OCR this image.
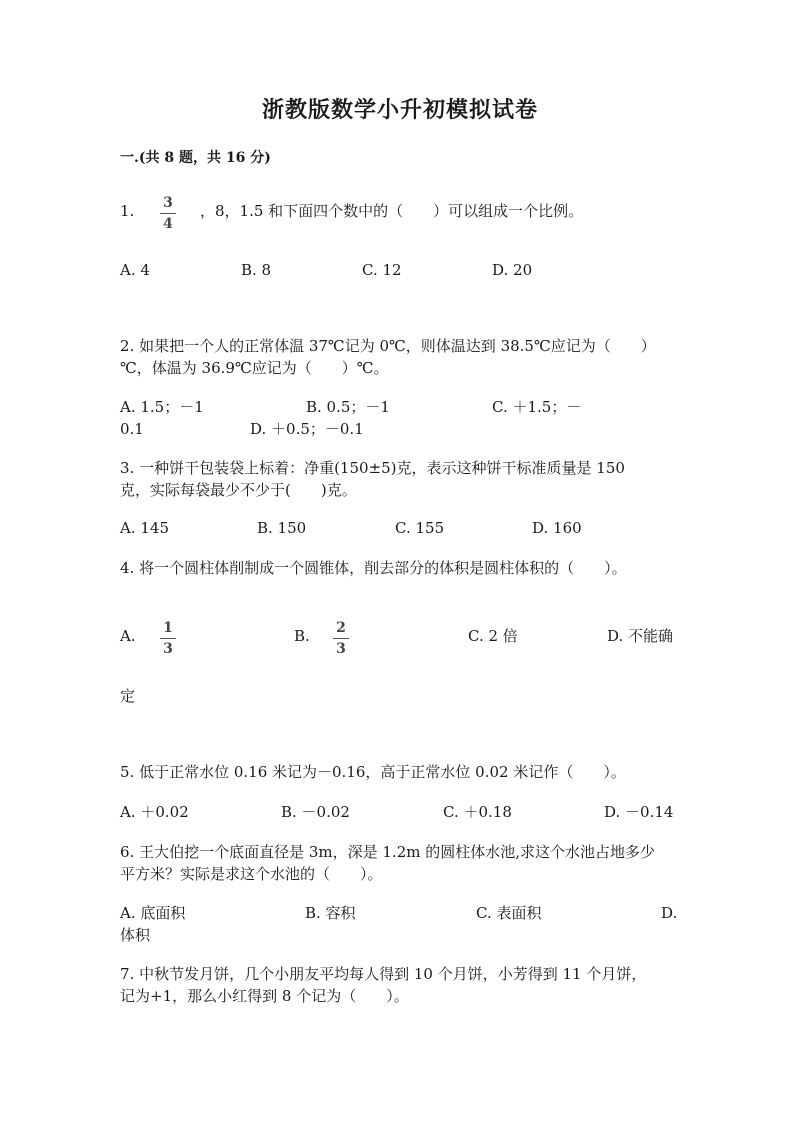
浙教版数学小升初模拟试卷
一.(共 8 题，共 16 分)
1.	3
4
，8，1.5 和下面四个数中的（　　）可以组成一个比例。
A. 4	B. 8	C. 12	D. 20
2. 如果把一个人的正常体温 37℃记为 0℃，则体温达到 38.5℃应记为（　　）
℃，体温为 36.9℃应记为（　　）℃。
A. 1.5；－1	B. 0.5；－1	C. ＋1.5；－
0.1	D. ＋0.5；－0.1
3. 一种饼干包装袋上标着：净重(150±5)克，表示这种饼干标准质量是 150
克，实际每袋最少不少于(　　)克。
A. 145	B. 150	C. 155	D. 160
4. 将一个圆柱体削制成一个圆锥体，削去部分的体积是圆柱体积的（　　）。
A.	1
3
B.	2
3
C. 2 倍	D. 不能确
定
5. 低于正常水位 0.16 米记为－0.16，高于正常水位 0.02 米记作（　　）。
A. ＋0.02	B. －0.02	C. ＋0.18	D. －0.14
6. 王大伯挖一个底面直径是 3m，深是 1.2m 的圆柱体水池,求这个水池占地多少
平方米？实际是求这个水池的（　　）。
A. 底面积	B. 容积	C. 表面积	D.
体积
7. 中秋节发月饼，几个小朋友平均每人得到 10 个月饼，小芳得到 11 个月饼，
记为+1，那么小红得到 8 个记为（　　）。
